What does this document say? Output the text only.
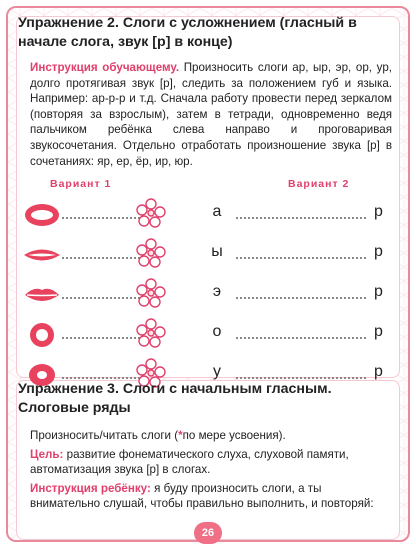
Упражнение 2. Слоги с усложнением (гласный в начале слога, звук [р] в конце)

Инструкция обучающему. Произносить слоги ар, ыр, эр, ор, ур, долго протягивая звук [р], следить за положением губ и языка. Например: ар-р-р и т.д. Сначала работу провести перед зеркалом (повторяя за взрослым), затем в тетради, одновременно ведя пальчиком ребёнка слева направо и проговаривая звукосочетания. Отдельно отработать произношение звука [р] в сочетаниях: яр, ер, ёр, ир, юр.

Вариант 1	Вариант 2
а	р
ы	р
э	р
о	р
у	р
Упражнение 3. Слоги с начальным гласным. Слоговые ряды

Произносить/читать слоги (*по мере усвоения).

Цель: развитие фонематического слуха, слуховой памяти, автоматизация звука [р] в слогах.

Инструкция ребёнку: я буду произносить слоги, а ты внимательно слушай, чтобы правильно выполнить, и повторяй:

26
